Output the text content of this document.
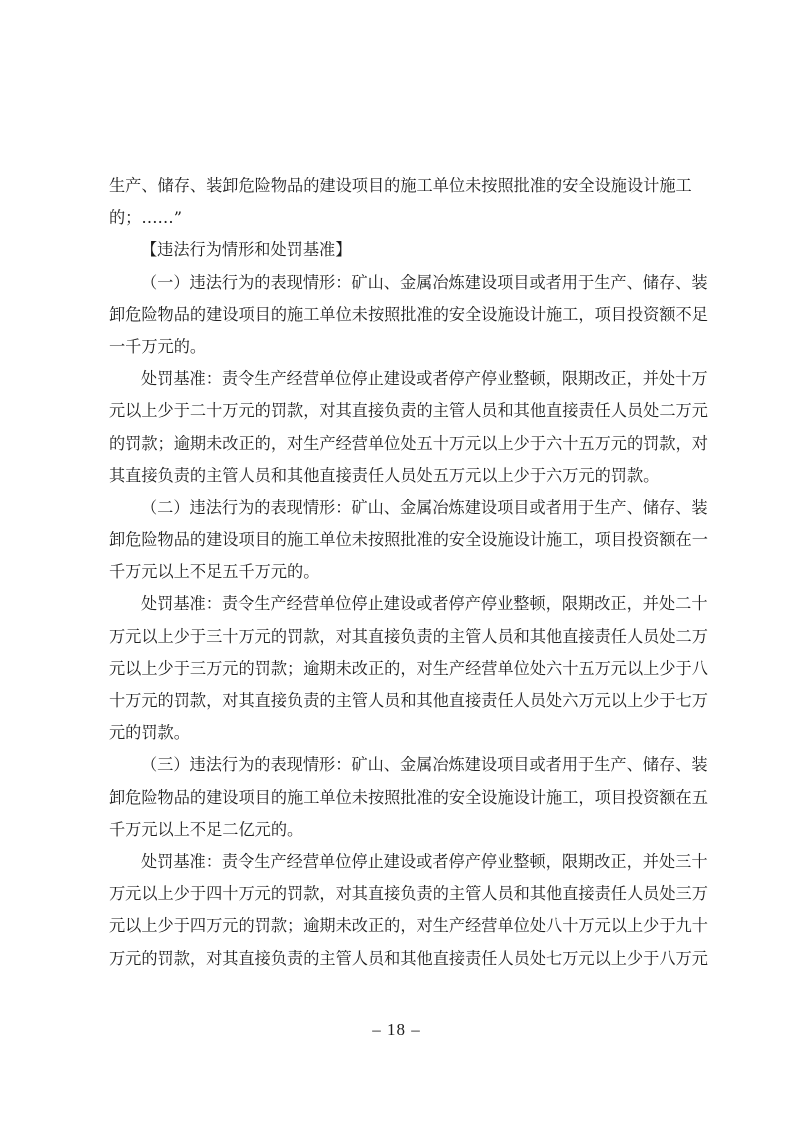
生产、储存、装卸危险物品的建设项目的施工单位未按照批准的安全设施设计施工
的；……”
【违法行为情形和处罚基准】
（一）违法行为的表现情形：矿山、金属冶炼建设项目或者用于生产、储存、装
卸危险物品的建设项目的施工单位未按照批准的安全设施设计施工，项目投资额不足
一千万元的。
处罚基准：责令生产经营单位停止建设或者停产停业整顿，限期改正，并处十万
元以上少于二十万元的罚款，对其直接负责的主管人员和其他直接责任人员处二万元
的罚款；逾期未改正的，对生产经营单位处五十万元以上少于六十五万元的罚款，对
其直接负责的主管人员和其他直接责任人员处五万元以上少于六万元的罚款。
（二）违法行为的表现情形：矿山、金属冶炼建设项目或者用于生产、储存、装
卸危险物品的建设项目的施工单位未按照批准的安全设施设计施工，项目投资额在一
千万元以上不足五千万元的。
处罚基准：责令生产经营单位停止建设或者停产停业整顿，限期改正，并处二十
万元以上少于三十万元的罚款，对其直接负责的主管人员和其他直接责任人员处二万
元以上少于三万元的罚款；逾期未改正的，对生产经营单位处六十五万元以上少于八
十万元的罚款，对其直接负责的主管人员和其他直接责任人员处六万元以上少于七万
元的罚款。
（三）违法行为的表现情形：矿山、金属冶炼建设项目或者用于生产、储存、装
卸危险物品的建设项目的施工单位未按照批准的安全设施设计施工，项目投资额在五
千万元以上不足二亿元的。
处罚基准：责令生产经营单位停止建设或者停产停业整顿，限期改正，并处三十
万元以上少于四十万元的罚款，对其直接负责的主管人员和其他直接责任人员处三万
元以上少于四万元的罚款；逾期未改正的，对生产经营单位处八十万元以上少于九十
万元的罚款，对其直接负责的主管人员和其他直接责任人员处七万元以上少于八万元
– 18 –
